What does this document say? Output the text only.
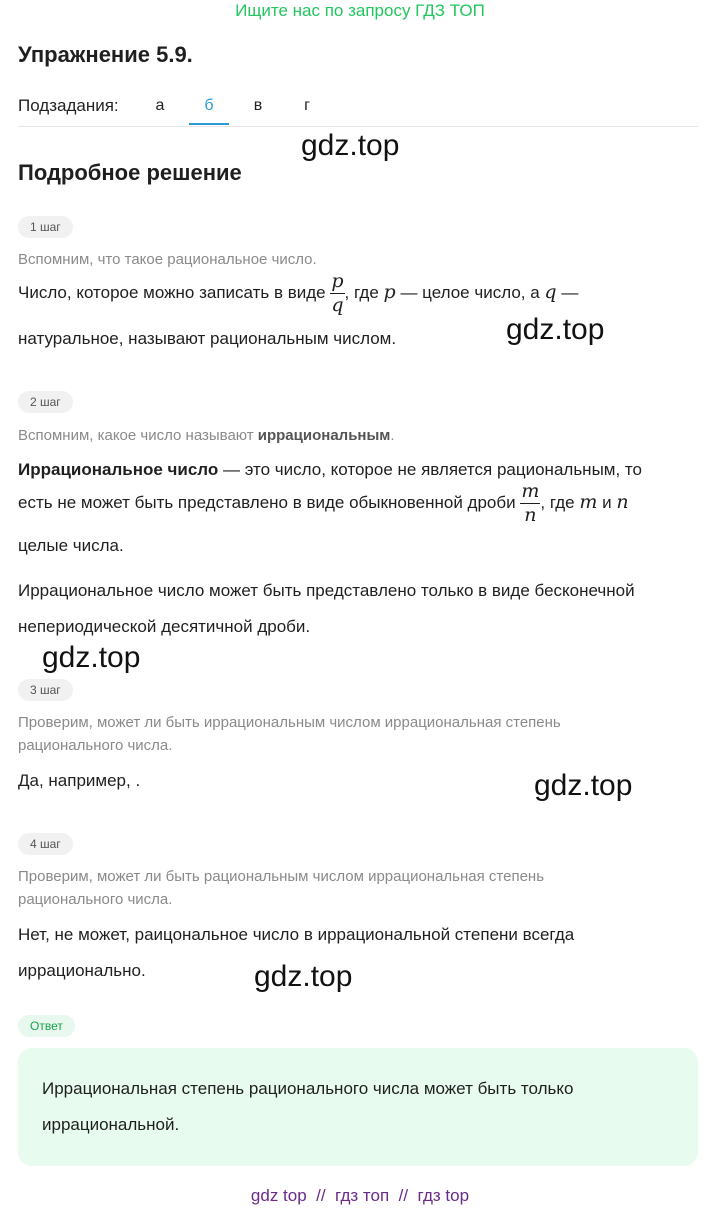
Ищите нас по запросу ГДЗ ТОП
Упражнение 5.9.
Подзадания:	а	б	в	г
gdz.top
gdz.top
gdz.top
gdz.top
gdz.top
Подробное решение
1 шаг
Вспомним, что такое рациональное число.
Число, которое можно записать в виде $\frac{p}{q}$ , где p — целое число, а q —
натуральное, называют рациональным числом.
2 шаг
Вспомним, какое число называют иррациональным.
Иррациональное число — это число, которое не является рациональным, то
есть не может быть представлено в виде обыкновенной дроби $\frac{m}{n}$ , где m и n
целые числа.
Иррациональное число может быть представлено только в виде бесконечной
непериодической десятичной дроби.
3 шаг
Проверим, может ли быть иррациональным числом иррациональная степень
рационального числа.
Да, например, .
4 шаг
Проверим, может ли быть рациональным числом иррациональная степень
рационального числа.
Нет, не может, раицональное число в иррациональной степени всегда
иррационально.
Ответ
Иррациональная степень рационального числа может быть только
иррациональной.
gdz top // гдз топ // гдз top
